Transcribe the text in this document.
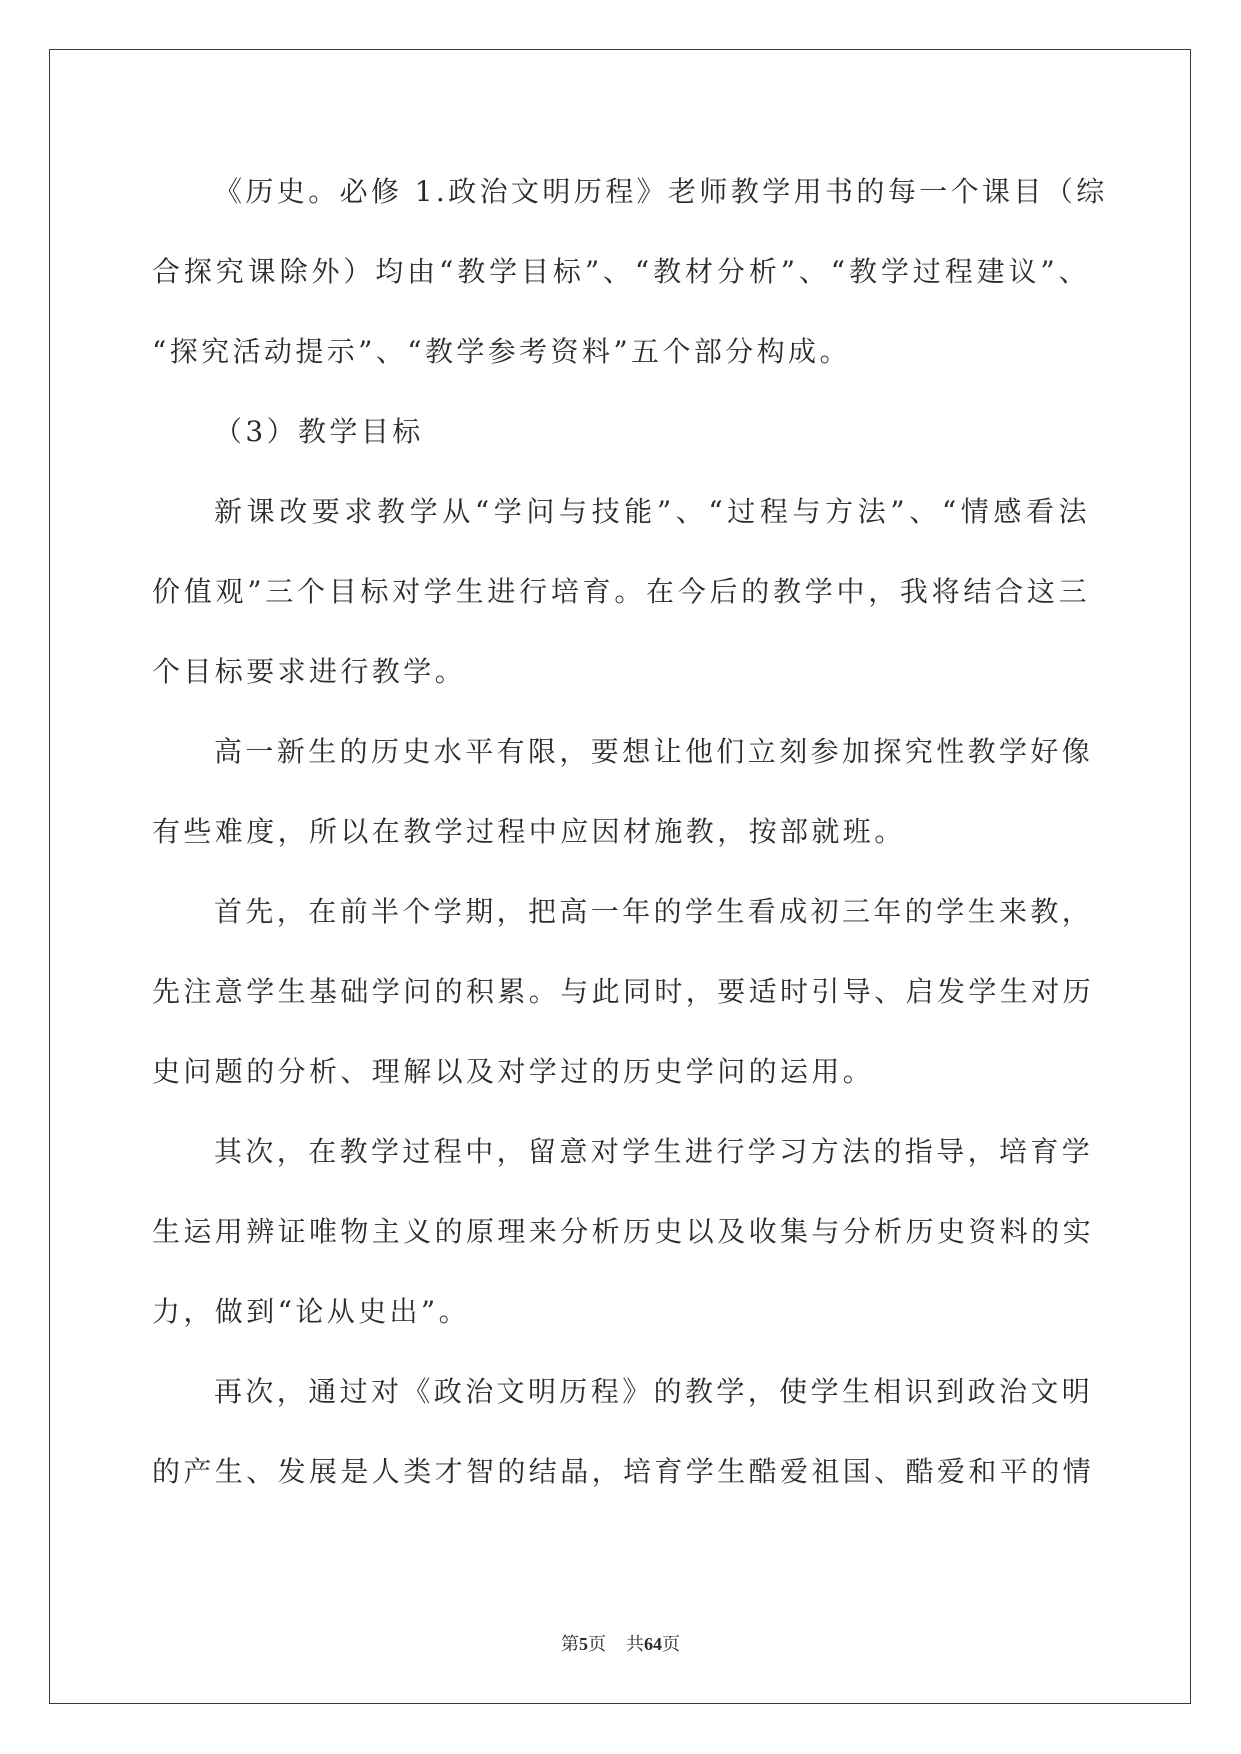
《历史。必修 1.政治文明历程》老师教学用书的每一个课目（综
合探究课除外）均由“教学目标”、“教材分析”、“教学过程建议”、
“探究活动提示”、“教学参考资料”五个部分构成。
（3）教学目标
新课改要求教学从“学问与技能”、“过程与方法”、“情感看法
价值观”三个目标对学生进行培育。在今后的教学中，我将结合这三
个目标要求进行教学。
高一新生的历史水平有限，要想让他们立刻参加探究性教学好像
有些难度，所以在教学过程中应因材施教，按部就班。
首先，在前半个学期，把高一年的学生看成初三年的学生来教，
先注意学生基础学问的积累。与此同时，要适时引导、启发学生对历
史问题的分析、理解以及对学过的历史学问的运用。
其次，在教学过程中，留意对学生进行学习方法的指导，培育学
生运用辨证唯物主义的原理来分析历史以及收集与分析历史资料的实
力，做到“论从史出”。
再次，通过对《政治文明历程》的教学，使学生相识到政治文明
的产生、发展是人类才智的结晶，培育学生酷爱祖国、酷爱和平的情
第5页 共64页
